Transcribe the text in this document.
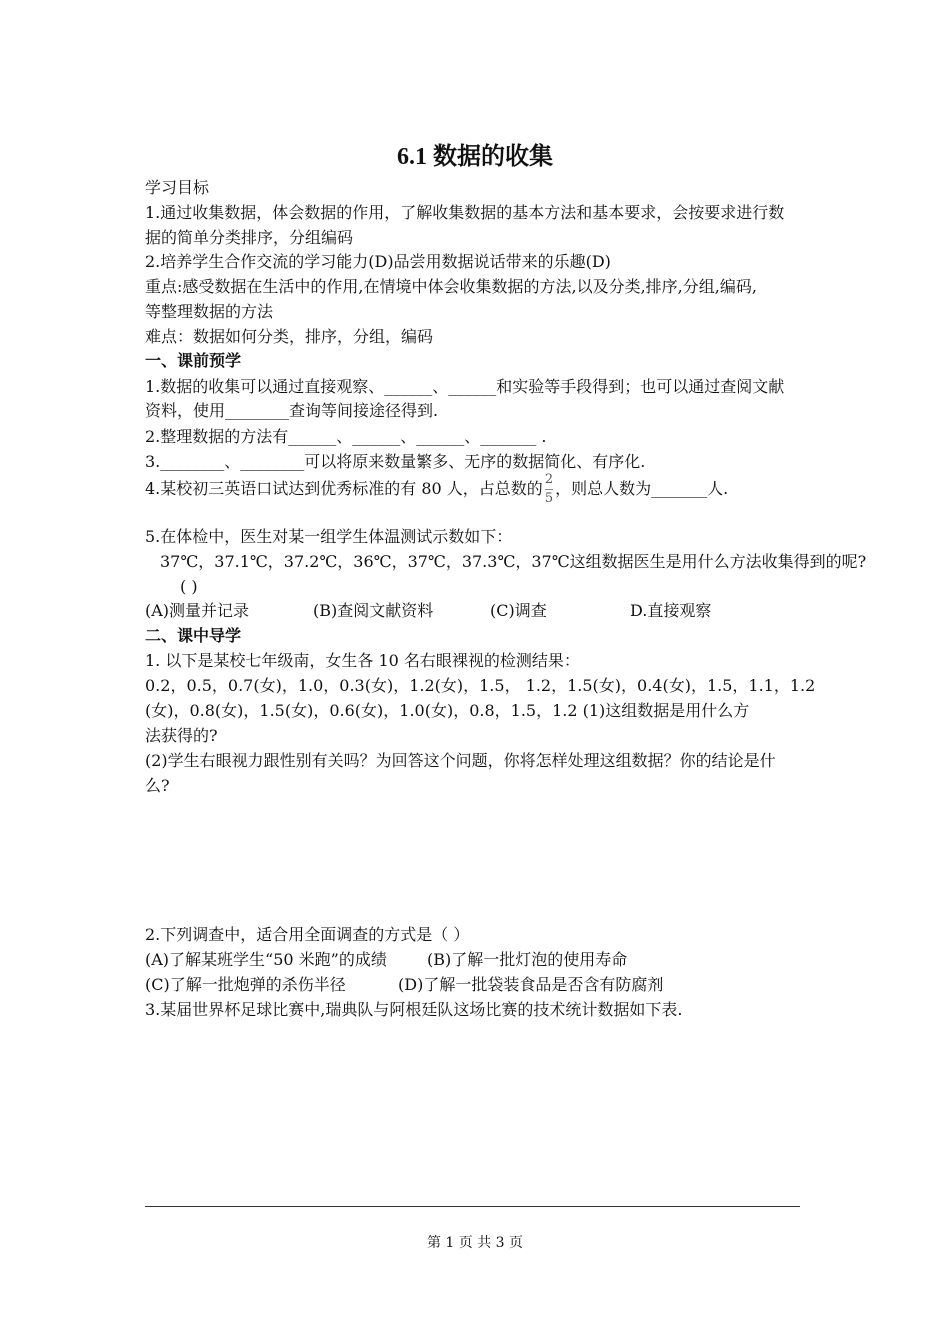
6.1 数据的收集
学习目标
1.通过收集数据，体会数据的作用，了解收集数据的基本方法和基本要求，会按要求进行数
据的简单分类排序，分组编码
2.培养学生合作交流的学习能力(D)品尝用数据说话带来的乐趣(D)
重点:感受数据在生活中的作用,在情境中体会收集数据的方法,以及分类,排序,分组,编码,
等整理数据的方法
难点：数据如何分类，排序，分组，编码
一、课前预学
1.数据的收集可以通过直接观察、______、______和实验等手段得到；也可以通过查阅文献
资料，使用________查询等间接途径得到.
2.整理数据的方法有______、______、______、_______ .
3.________、________可以将原来数量繁多、无序的数据简化、有序化.
4.某校初三英语口试达到优秀标准的有 80 人，占总数的 $\frac{2}{5}$ ，则总人数为_______人.
5.在体检中，医生对某一组学生体温测试示数如下：
37℃，37.1℃，37.2℃，36℃，37℃，37.3℃，37℃这组数据医生是用什么方法收集得到的呢?
( )
(A)测量并记录	(B)查阅文献资料	(C)调查	D.直接观察
二、课中导学
1. 以下是某校七年级南，女生各 10 名右眼裸视的检测结果：
0.2，0.5，0.7(女)，1.0，0.3(女)，1.2(女)，1.5， 1.2，1.5(女)，0.4(女)，1.5，1.1，1.2
(女)，0.8(女)，1.5(女)，0.6(女)，1.0(女)，0.8，1.5，1.2 (1)这组数据是用什么方
法获得的?
(2)学生右眼视力跟性别有关吗？为回答这个问题，你将怎样处理这组数据？你的结论是什
么?
2.下列调查中，适合用全面调查的方式是（ ）
(A)了解某班学生“50 米跑”的成绩	(B)了解一批灯泡的使用寿命
(C)了解一批炮弹的杀伤半径	(D)了解一批袋装食品是否含有防腐剂
3.某届世界杯足球比赛中,瑞典队与阿根廷队这场比赛的技术统计数据如下表.
第 1 页 共 3 页
